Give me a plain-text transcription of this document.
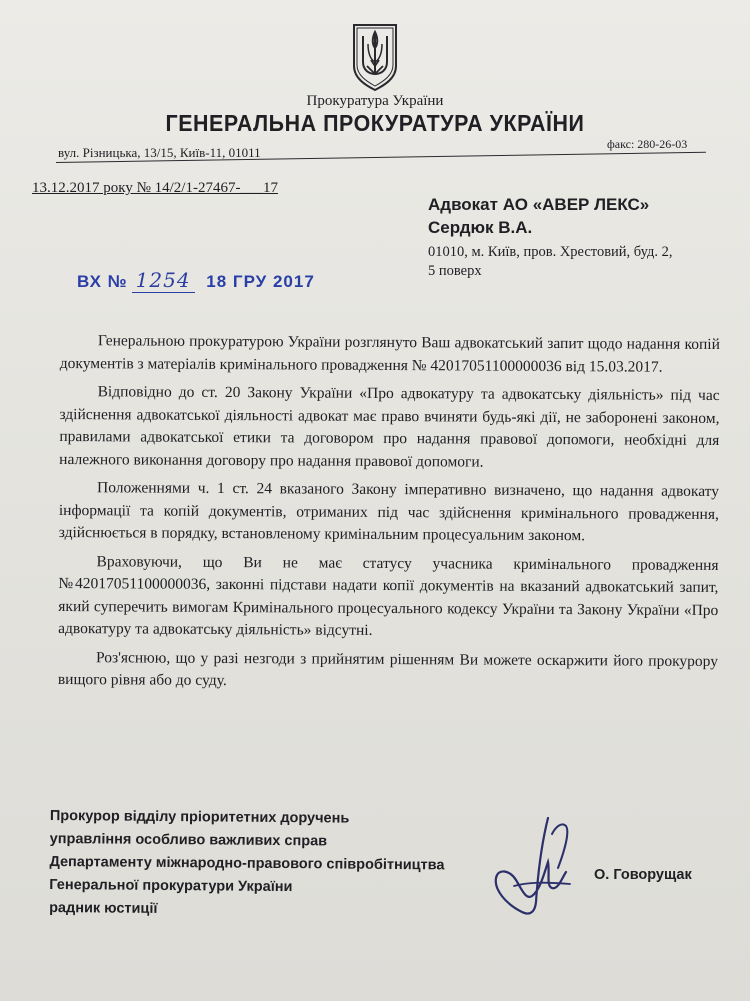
Прокуратура України
ГЕНЕРАЛЬНА ПРОКУРАТУРА УКРАЇНИ
вул. Різницька, 13/15, Київ-11, 01011
факс: 280-26-03
13.12.2017 року № 14/2/1-27467-___17
Адвокат АО «АВЕР ЛЕКС»
Сердюк В.А.
01010, м. Київ, пров. Хрестовий, буд. 2,
5 поверх
ВХ № 1254 18 ГРУ 2017

Генеральною прокуратурою України розглянуто Ваш адвокатський запит щодо надання копій документів з матеріалів кримінального провадження № 42017051100000036 від 15.03.2017.

Відповідно до ст. 20 Закону України «Про адвокатуру та адвокатську діяльність» під час здійснення адвокатської діяльності адвокат має право вчиняти будь-які дії, не заборонені законом, правилами адвокатської етики та договором про надання правової допомоги, необхідні для належного виконання договору про надання правової допомоги.

Положеннями ч. 1 ст. 24 вказаного Закону імперативно визначено, що надання адвокату інформації та копій документів, отриманих під час здійснення кримінального провадження, здійснюється в порядку, встановленому кримінальним процесуальним законом.

Враховуючи, що Ви не має статусу учасника кримінального провадження №42017051100000036, законні підстави надати копії документів на вказаний адвокатський запит, який суперечить вимогам Кримінального процесуального кодексу України та Закону України «Про адвокатуру та адвокатську діяльність» відсутні.

Роз'яснюю, що у разі незгоди з прийнятим рішенням Ви можете оскаржити його прокурору вищого рівня або до суду.

Прокурор відділу пріоритетних доручень
управління особливо важливих справ
Департаменту міжнародно-правового співробітництва
Генеральної прокуратури України
радник юстиції
О. Говорущак
